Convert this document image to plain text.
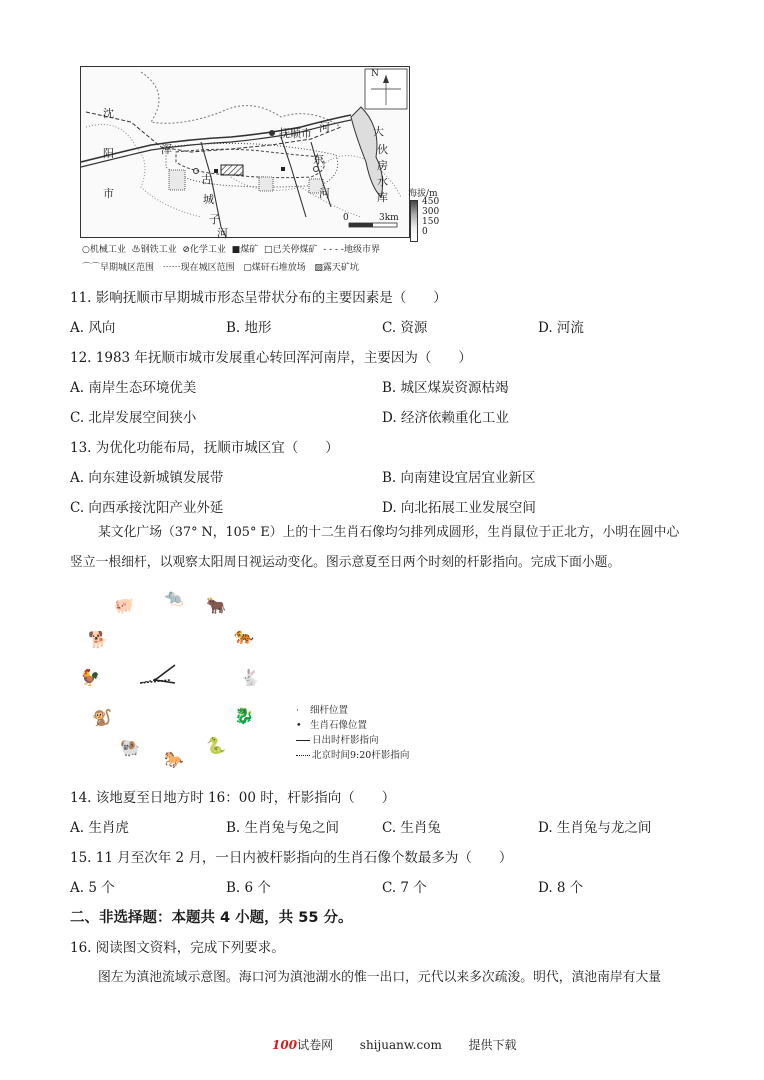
沈
阳
市
抚顺市
浑
河
东
河
大
伙
房
水
库
古
城
子
河
N
0	3km
海拔/m
450
300
150
0
○机械工业 ♨钢铁工业 ⊘化学工业 ■煤矿 □已关停煤矿 - - - -地级市界
⌒⌒早期城区范围 ⋯⋯现在城区范围 ▢煤矸石堆放场 ▨露天矿坑
11. 影响抚顺市早期城市形态呈带状分布的主要因素是（　　）
A. 风向	B. 地形	C. 资源	D. 河流
12. 1983 年抚顺市城市发展重心转回浑河南岸，主要因为（　　）
A. 南岸生态环境优美	B. 城区煤炭资源枯竭
C. 北岸发展空间狭小	D. 经济依赖重化工业
13. 为优化功能布局，抚顺市城区宜（　　）
A. 向东建设新城镇发展带	B. 向南建设宜居宜业新区
C. 向西承接沈阳产业外延	D. 向北拓展工业发展空间
某文化广场（37° N，105° E）上的十二生肖石像均匀排列成圆形，生肖鼠位于正北方，小明在圆中心
竖立一根细杆，以观察太阳周日视运动变化。图示意夏至日两个时刻的杆影指向。完成下面小题。
🐖 🐀 🐂
🐅
🐇
🐉
🐍
🐎
🐏
🐒
🐓
🐕
· 细杆位置
• 生肖石像位置
日出时杆影指向
北京时间9:20杆影指向
14. 该地夏至日地方时 16：00 时，杆影指向（　　）
A. 生肖虎	B. 生肖兔与兔之间	C. 生肖兔	D. 生肖兔与龙之间
15. 11 月至次年 2 月，一日内被杆影指向的生肖石像个数最多为（　　）
A. 5 个	B. 6 个	C. 7 个	D. 8 个
二、非选择题：本题共 4 小题，共 55 分。
16. 阅读图文资料，完成下列要求。
图左为滇池流域示意图。海口河为滇池湖水的惟一出口，元代以来多次疏浚。明代，滇池南岸有大量
100试卷网 shijuanw.com 提供下载
